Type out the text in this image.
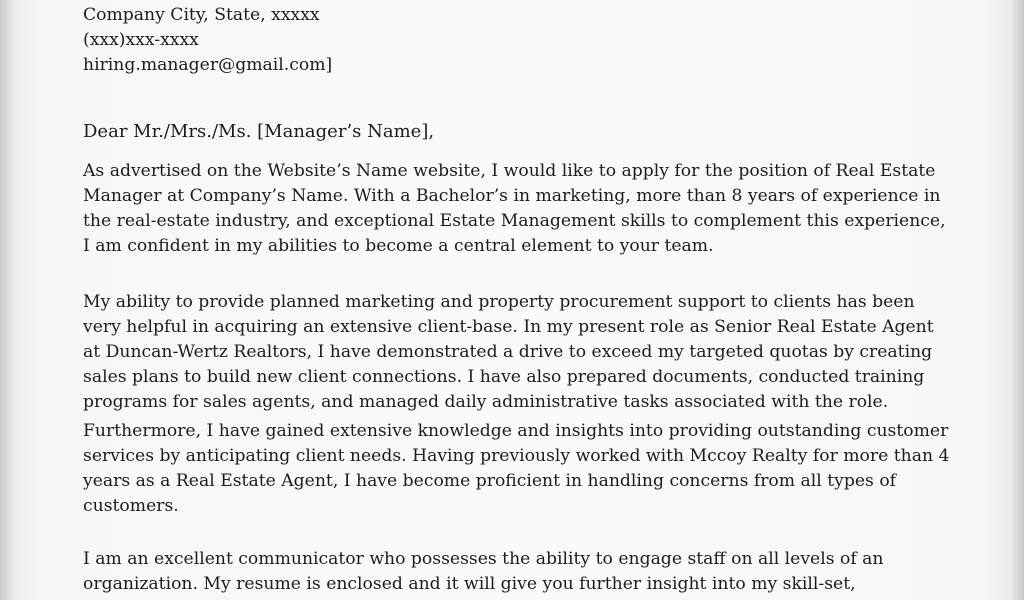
Company City, State, xxxxx
(xxx)xxx-xxxx
hiring.manager@gmail.com]
Dear Mr./Mrs./Ms. [Manager’s Name],
As advertised on the Website’s Name website, I would like to apply for the position of Real Estate
Manager at Company’s Name. With a Bachelor’s in marketing, more than 8 years of experience in
the real-estate industry, and exceptional Estate Management skills to complement this experience,
I am confident in my abilities to become a central element to your team.
My ability to provide planned marketing and property procurement support to clients has been
very helpful in acquiring an extensive client-base. In my present role as Senior Real Estate Agent
at Duncan-Wertz Realtors, I have demonstrated a drive to exceed my targeted quotas by creating
sales plans to build new client connections. I have also prepared documents, conducted training
programs for sales agents, and managed daily administrative tasks associated with the role.
Furthermore, I have gained extensive knowledge and insights into providing outstanding customer
services by anticipating client needs. Having previously worked with Mccoy Realty for more than 4
years as a Real Estate Agent, I have become proficient in handling concerns from all types of
customers.
I am an excellent communicator who possesses the ability to engage staff on all levels of an
organization. My resume is enclosed and it will give you further insight into my skill-set,
